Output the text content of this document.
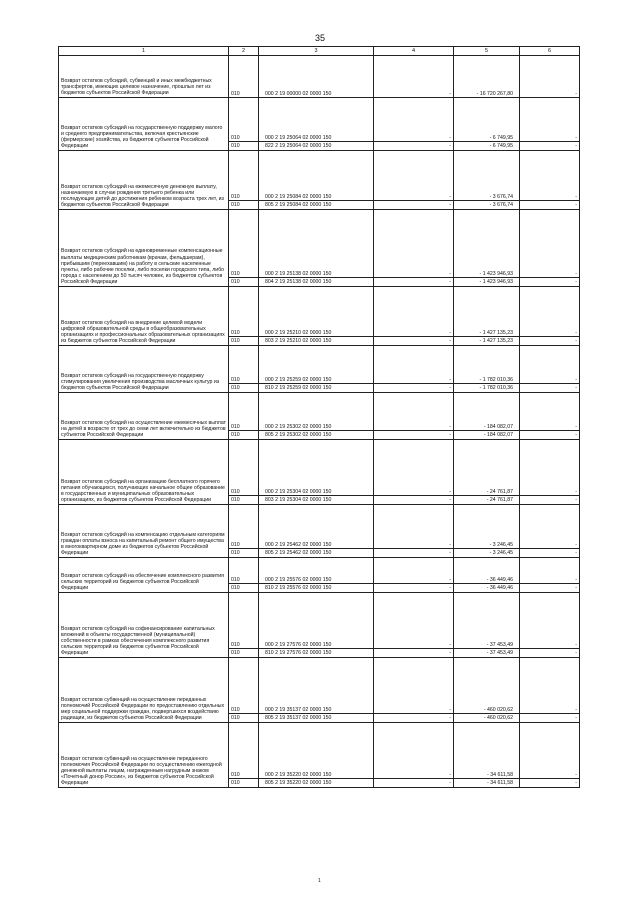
35
1	2	3	4	5	6
Возврат остатков субсидий, субвенций и иных межбюджетных трансфертов, имеющих целевое назначение, прошлых лет из бюджетов субъектов Российской Федерации	010	000 2 19 00000 02 0000 150	-	- 16 720 267,80	-
Возврат остатков субсидий на государственную поддержку малого и среднего предпринимательства, включая крестьянские (фермерские) хозяйства, из бюджетов субъектов Российской Федерации	010	000 2 19 25064 02 0000 150	-	- 6 749,95	-
	010	822 2 19 25064 02 0000 150	-	- 6 749,95	-
Возврат остатков субсидий на ежемесячную денежную выплату, назначаемую в случае рождения третьего ребенка или последующих детей до достижения ребенком возраста трех лет, из бюджетов субъектов Российской Федерации	010	000 2 19 25084 02 0000 150	-	- 3 676,74	-
	010	805 2 19 25084 02 0000 150	-	- 3 676,74	-
Возврат остатков субсидий на единовременные компенсационные выплаты медицинским работникам (врачам, фельдшерам), прибывшим (переехавшим) на работу в сельские населенные пункты, либо рабочие поселки, либо поселки городского типа, либо города с населением до 50 тысяч человек, из бюджетов субъектов Российской Федерации	010	000 2 19 25138 02 0000 150	-	- 1 423 946,93	-
	010	804 2 19 25138 02 0000 150	-	- 1 423 946,93	-
Возврат остатков субсидий на внедрение целевой модели цифровой образовательной среды в общеобразовательных организациях и профессиональных образовательных организациях из бюджетов субъектов Российской Федерации	010	000 2 19 25210 02 0000 150	-	- 1 427 135,23	-
	010	803 2 19 25210 02 0000 150	-	- 1 427 135,23	-
Возврат остатков субсидий на государственную поддержку стимулирования увеличения производства масличных культур из бюджетов субъектов Российской Федерации	010	000 2 19 25259 02 0000 150	-	- 1 782 010,36	-
	010	810 2 19 25259 02 0000 150	-	- 1 782 010,36	-
Возврат остатков субсидий на осуществление ежемесячных выплат на детей в возрасте от трех до семи лет включительно из бюджетов субъектов Российской Федерации	010	000 2 19 25302 02 0000 150	-	- 184 082,07	-
	010	805 2 19 25302 02 0000 150	-	- 184 082,07	-
Возврат остатков субсидий на организацию бесплатного горячего питания обучающихся, получающих начальное общее образование в государственных и муниципальных образовательных организациях, из бюджетов субъектов Российской Федерации	010	000 2 19 25304 02 0000 150	-	- 24 761,87	-
	010	803 2 19 25304 02 0000 150	-	- 24 761,87	-
Возврат остатков субсидий на компенсацию отдельным категориям граждан оплаты взноса на капитальный ремонт общего имущества в многоквартирном доме из бюджетов субъектов Российской Федерации	010	000 2 19 25462 02 0000 150	-	- 3 246,45	-
	010	805 2 19 25462 02 0000 150	-	- 3 246,45	-
Возврат остатков субсидий на обеспечение комплексного развития сельских территорий из бюджетов субъектов Российской Федерации	010	000 2 19 25576 02 0000 150	-	- 36 449,46	-
	010	810 2 19 25576 02 0000 150	-	- 36 449,46	-
Возврат остатков субсидий на софинансирование капитальных вложений в объекты государственной (муниципальной) собственности в рамках обеспечения комплексного развития сельских территорий из бюджетов субъектов Российской Федерации	010	000 2 19 27576 02 0000 150	-	- 37 453,49	-
	010	810 2 19 27576 02 0000 150	-	- 37 453,49	-
Возврат остатков субвенций на осуществление переданных полномочий Российской Федерации по предоставлению отдельных мер социальной поддержки граждан, подвергшихся воздействию радиации, из бюджетов субъектов Российской Федерации	010	000 2 19 35137 02 0000 150	-	- 460 020,62	-
	010	805 2 19 35137 02 0000 150	-	- 460 020,62	-
Возврат остатков субвенций на осуществление переданного полномочия Российской Федерации по осуществлению ежегодной денежной выплаты лицам, награжденным нагрудным знаком «Почетный донор России», из бюджетов субъектов Российской Федерации	010	000 2 19 35220 02 0000 150	-	- 34 611,58	-
	010	805 2 19 35220 02 0000 150	-	- 34 611,58	-
1
